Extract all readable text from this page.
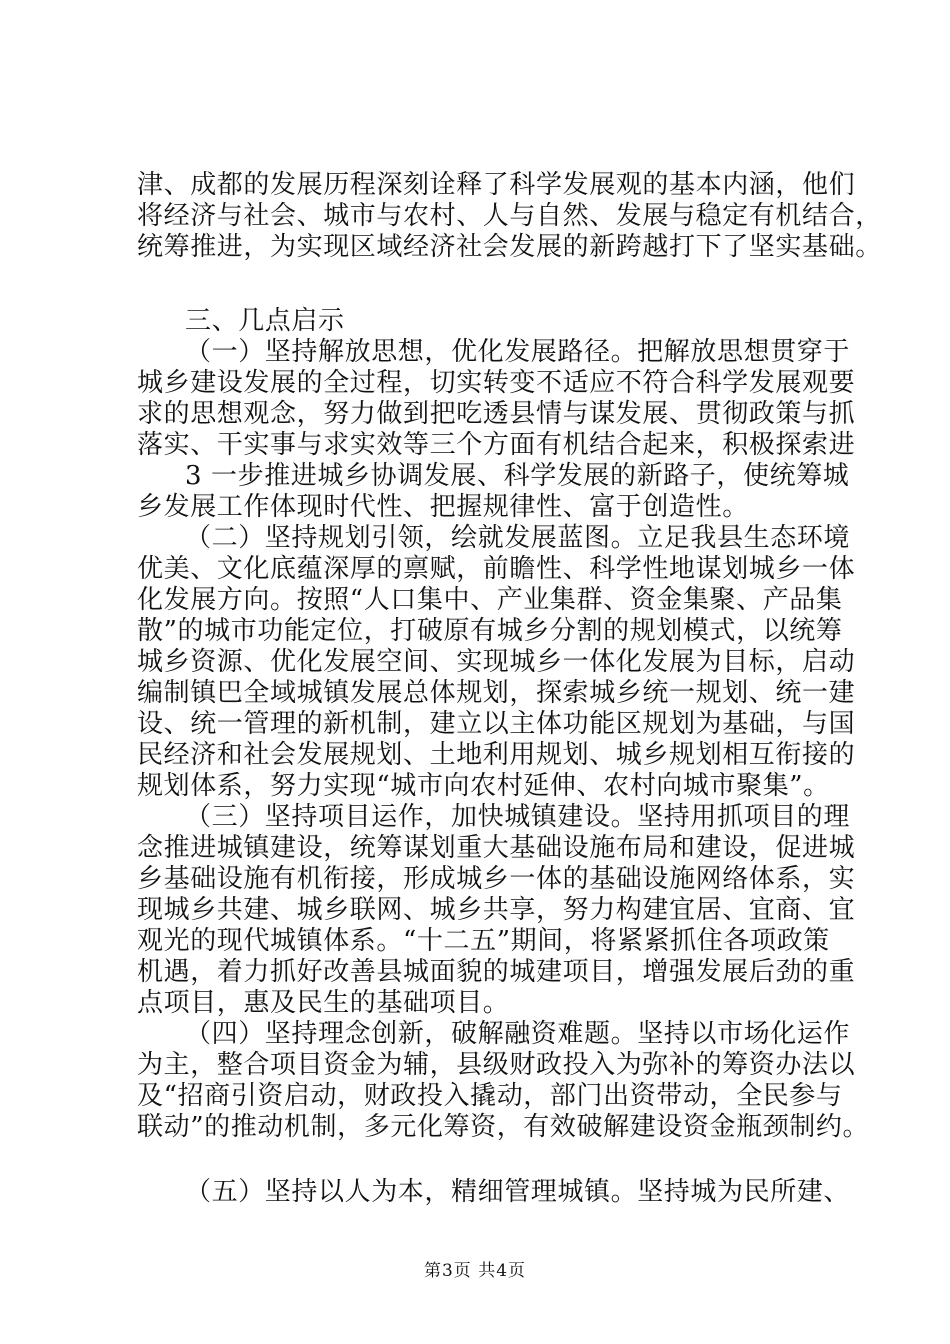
津、成都的发展历程深刻诠释了科学发展观的基本内涵，他们
将经济与社会、城市与农村、人与自然、发展与稳定有机结合，
统筹推进，为实现区域经济社会发展的新跨越打下了坚实基础。
三、几点启示
（一）坚持解放思想，优化发展路径。把解放思想贯穿于
城乡建设发展的全过程，切实转变不适应不符合科学发展观要
求的思想观念，努力做到把吃透县情与谋发展、贯彻政策与抓
落实、干实事与求实效等三个方面有机结合起来，积极探索进
3 一步推进城乡协调发展、科学发展的新路子，使统筹城
乡发展工作体现时代性、把握规律性、富于创造性。
（二）坚持规划引领，绘就发展蓝图。立足我县生态环境
优美、文化底蕴深厚的禀赋，前瞻性、科学性地谋划城乡一体
化发展方向。按照“人口集中、产业集群、资金集聚、产品集
散”的城市功能定位，打破原有城乡分割的规划模式，以统筹
城乡资源、优化发展空间、实现城乡一体化发展为目标，启动
编制镇巴全域城镇发展总体规划，探索城乡统一规划、统一建
设、统一管理的新机制，建立以主体功能区规划为基础，与国
民经济和社会发展规划、土地利用规划、城乡规划相互衔接的
规划体系，努力实现“城市向农村延伸、农村向城市聚集”。
（三）坚持项目运作，加快城镇建设。坚持用抓项目的理
念推进城镇建设，统筹谋划重大基础设施布局和建设，促进城
乡基础设施有机衔接，形成城乡一体的基础设施网络体系，实
现城乡共建、城乡联网、城乡共享，努力构建宜居、宜商、宜
观光的现代城镇体系。“十二五”期间，将紧紧抓住各项政策
机遇，着力抓好改善县城面貌的城建项目，增强发展后劲的重
点项目，惠及民生的基础项目。
（四）坚持理念创新，破解融资难题。坚持以市场化运作
为主，整合项目资金为辅，县级财政投入为弥补的筹资办法以
及“招商引资启动，财政投入撬动，部门出资带动，全民参与
联动”的推动机制，多元化筹资，有效破解建设资金瓶颈制约。
（五）坚持以人为本，精细管理城镇。坚持城为民所建、
第3页 共4页
